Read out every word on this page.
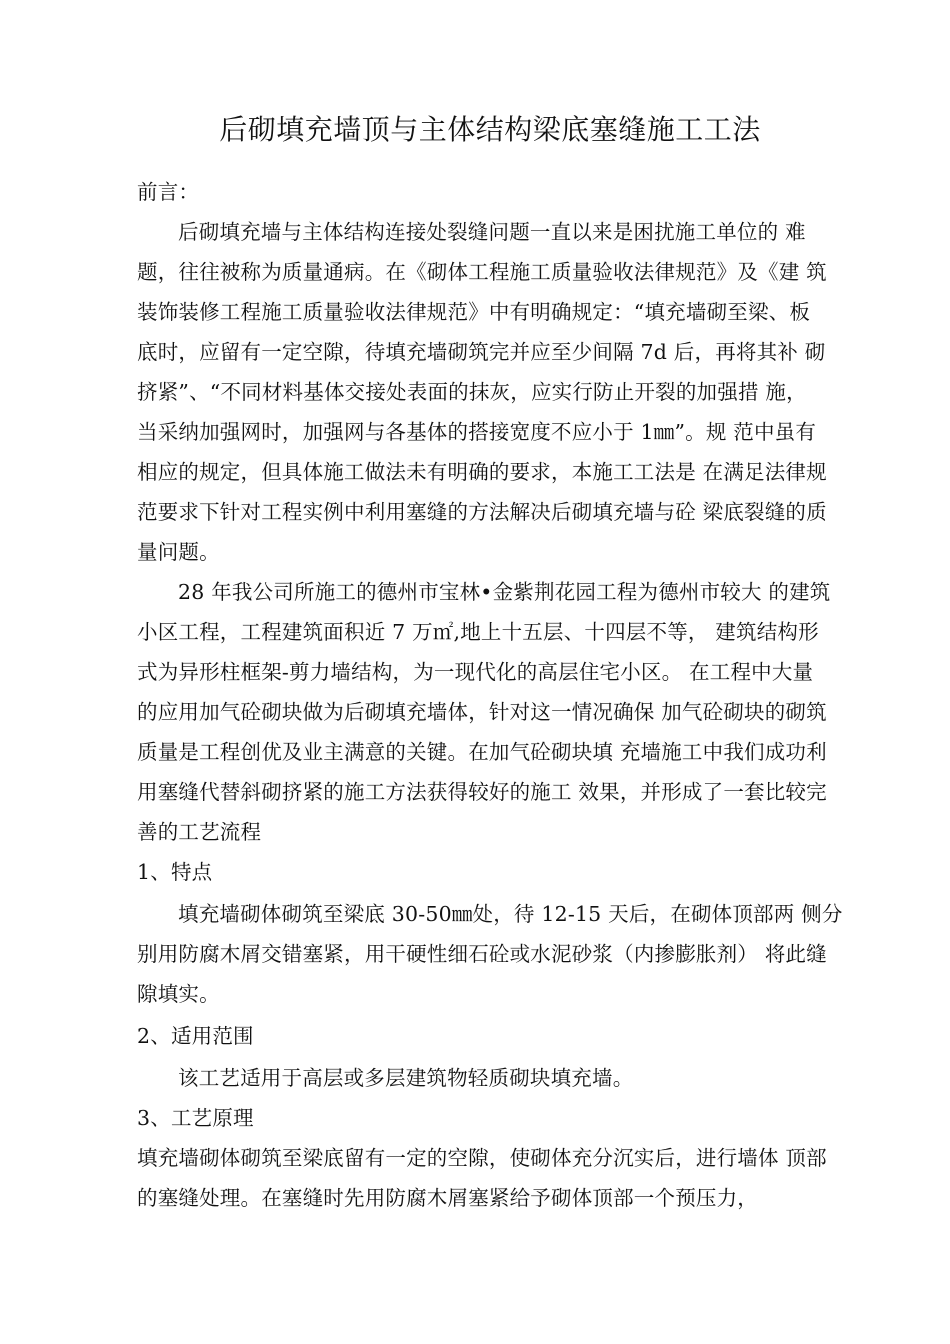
后砌填充墙顶与主体结构梁底塞缝施工工法
前言：
后砌填充墙与主体结构连接处裂缝问题一直以来是困扰施工单位的 难
题，往往被称为质量通病。在《砌体工程施工质量验收法律规范》及《建 筑
装饰装修工程施工质量验收法律规范》中有明确规定：“填充墙砌至梁、板
底时，应留有一定空隙，待填充墙砌筑完并应至少间隔 7d 后，再将其补 砌
挤紧”、“不同材料基体交接处表面的抹灰，应实行防止开裂的加强措 施，
当采纳加强网时，加强网与各基体的搭接宽度不应小于 1㎜”。规 范中虽有
相应的规定，但具体施工做法未有明确的要求，本施工工法是 在满足法律规
范要求下针对工程实例中利用塞缝的方法解决后砌填充墙与砼 梁底裂缝的质
量问题。
28 年我公司所施工的德州市宝林•金紫荆花园工程为德州市较大 的建筑
小区工程，工程建筑面积近 7 万㎡,地上十五层、十四层不等， 建筑结构形
式为异形柱框架-剪力墙结构，为一现代化的高层住宅小区。 在工程中大量
的应用加气砼砌块做为后砌填充墙体，针对这一情况确保 加气砼砌块的砌筑
质量是工程创优及业主满意的关键。在加气砼砌块填 充墙施工中我们成功利
用塞缝代替斜砌挤紧的施工方法获得较好的施工 效果，并形成了一套比较完
善的工艺流程
1、特点
填充墙砌体砌筑至梁底 30-50㎜处，待 12-15 天后，在砌体顶部两 侧分
别用防腐木屑交错塞紧，用干硬性细石砼或水泥砂浆（内掺膨胀剂） 将此缝
隙填实。
2、适用范围
该工艺适用于高层或多层建筑物轻质砌块填充墙。
3、工艺原理
填充墙砌体砌筑至梁底留有一定的空隙，使砌体充分沉实后，进行墙体 顶部
的塞缝处理。在塞缝时先用防腐木屑塞紧给予砌体顶部一个预压力，
